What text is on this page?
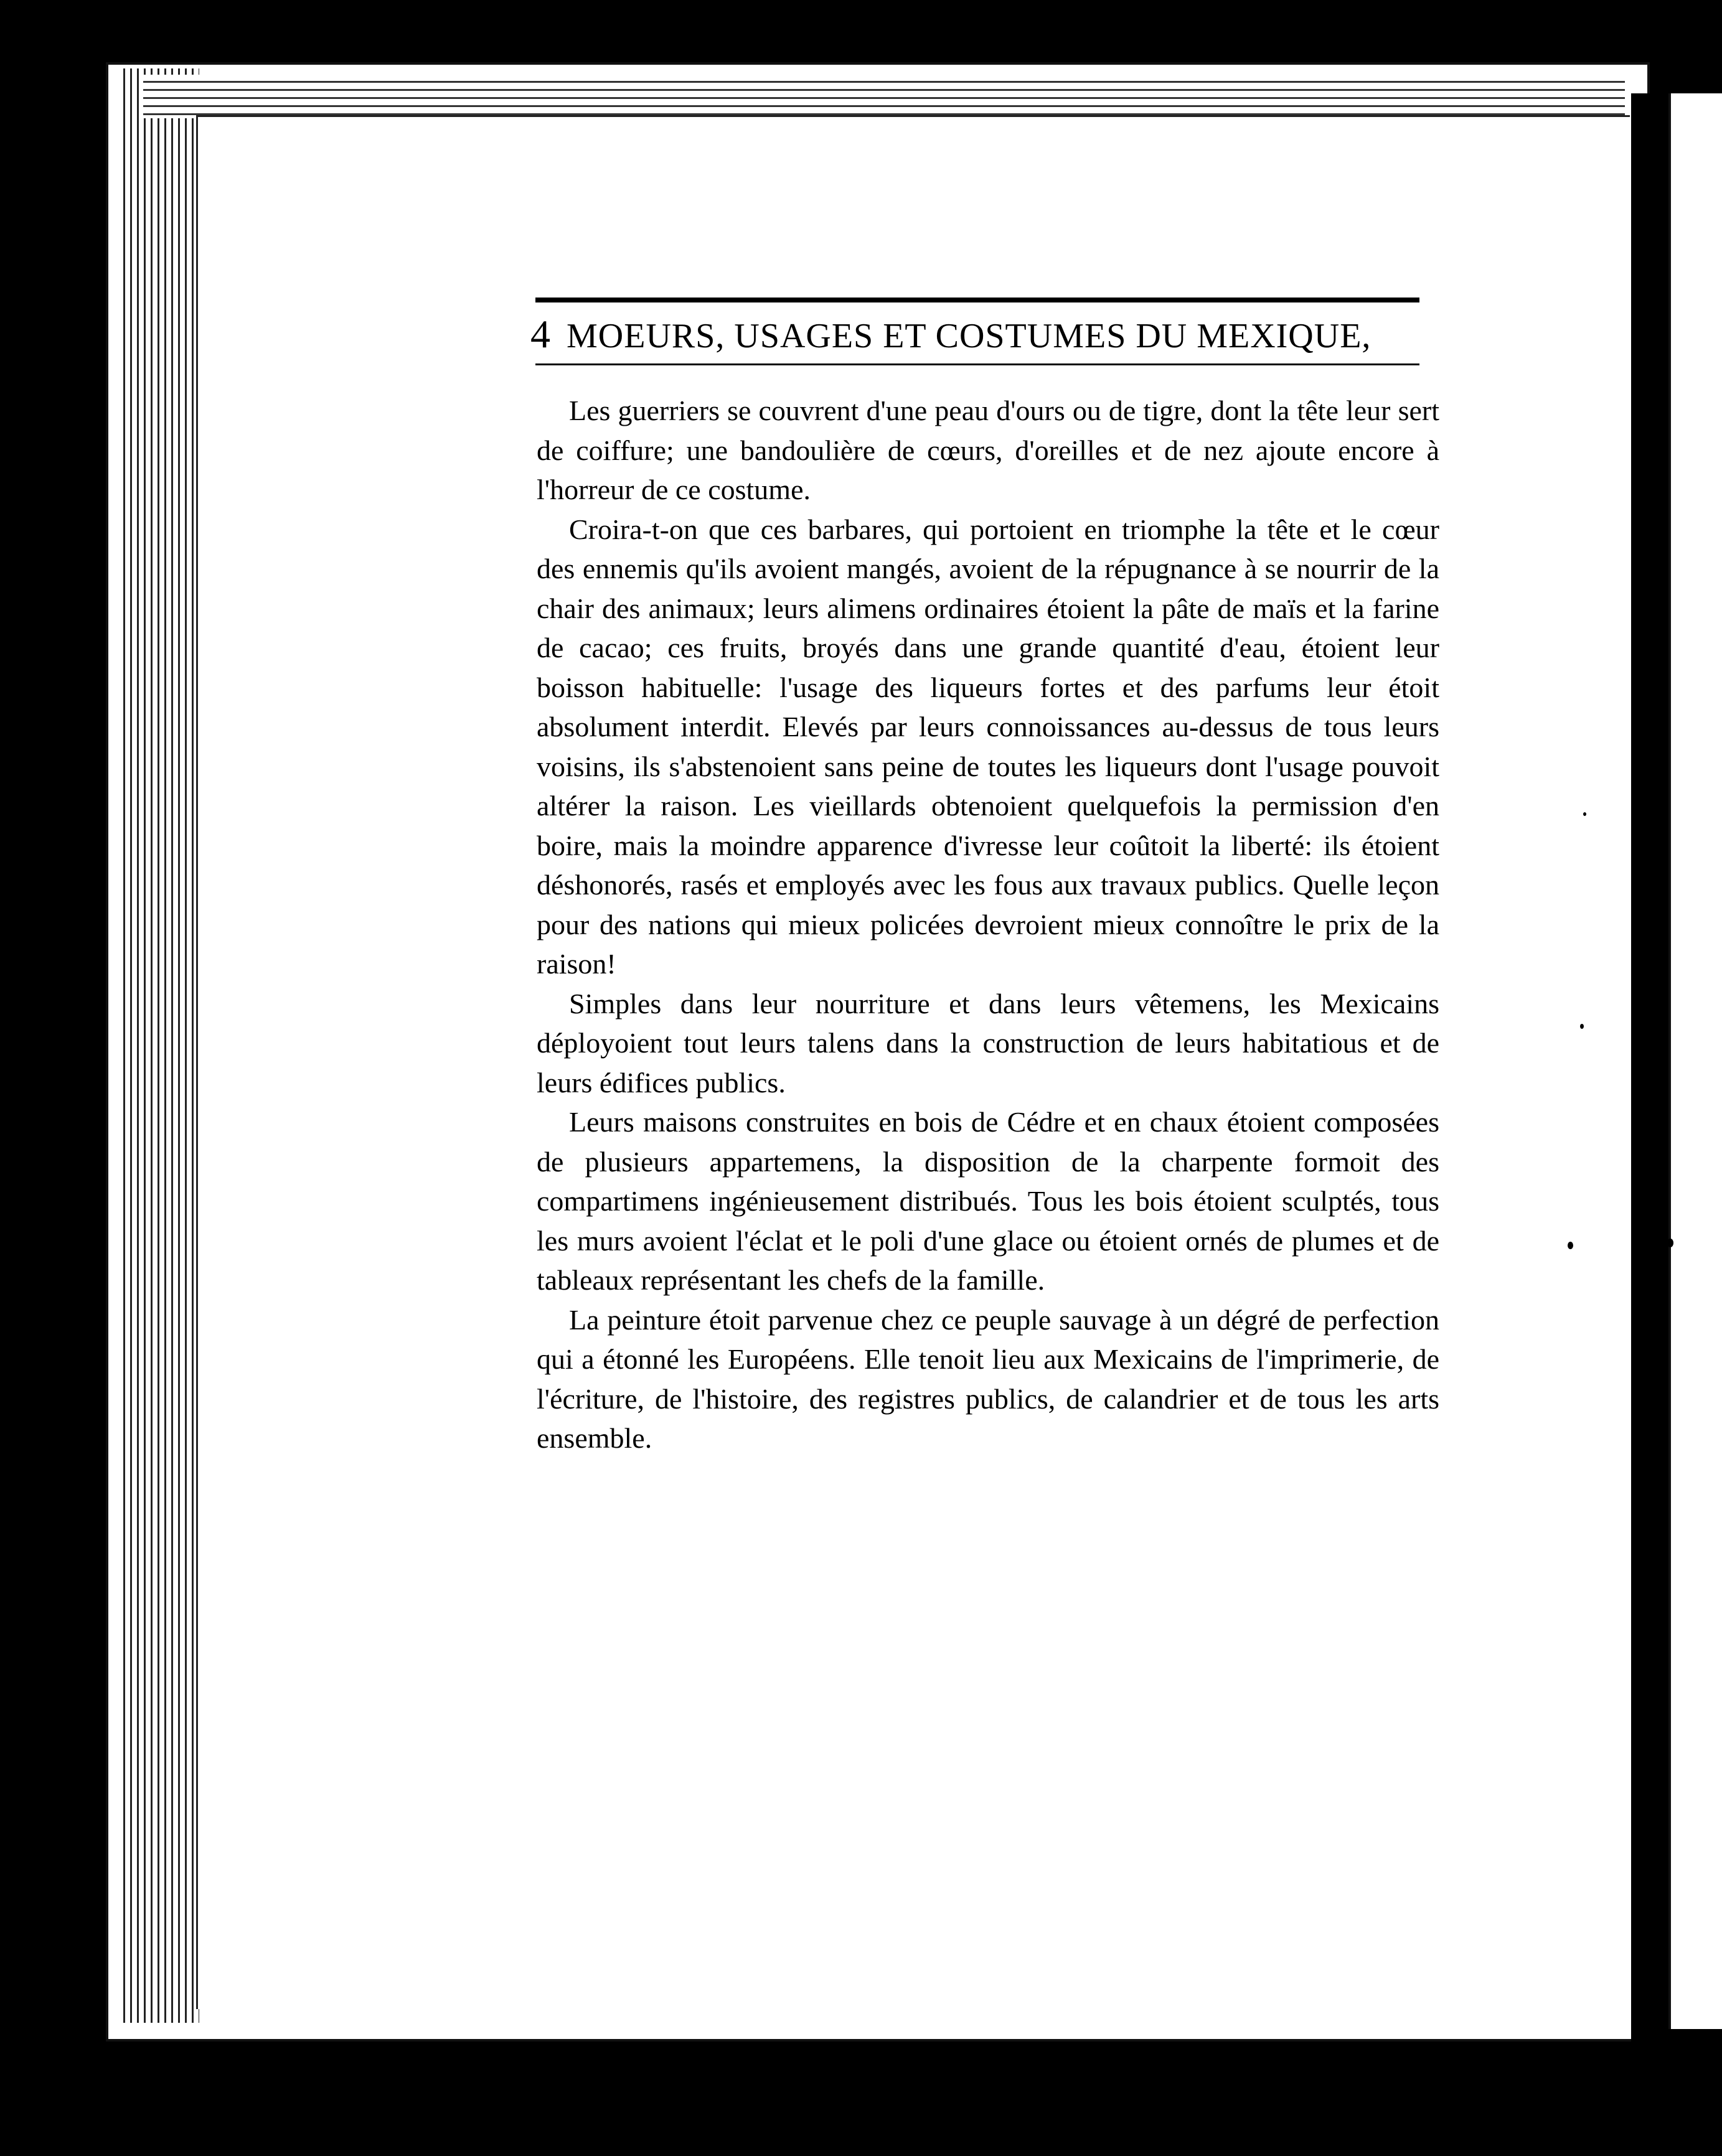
4 MOEURS, USAGES ET COSTUMES DU MEXIQUE,

Les guerriers se couvrent d'une peau d'ours ou de tigre, dont la tête leur sert de coiffure; une bandoulière de cœurs, d'oreilles et de nez ajoute encore à l'horreur de ce costume.

Croira-t-on que ces barbares, qui portoient en triomphe la tête et le cœur des ennemis qu'ils avoient mangés, avoient de la répugnance à se nourrir de la chair des animaux; leurs alimens ordinaires étoient la pâte de maïs et la farine de cacao; ces fruits, broyés dans une grande quantité d'eau, étoient leur boisson habituelle: l'usage des liqueurs fortes et des parfums leur étoit absolument interdit. Elevés par leurs connoissances au-dessus de tous leurs voisins, ils s'abstenoient sans peine de toutes les liqueurs dont l'usage pouvoit altérer la raison. Les vieillards obtenoient quelquefois la permission d'en boire, mais la moindre apparence d'ivresse leur coûtoit la liberté: ils étoient déshonorés, rasés et employés avec les fous aux travaux publics. Quelle leçon pour des nations qui mieux policées devroient mieux connoître le prix de la raison!

Simples dans leur nourriture et dans leurs vêtemens, les Mexicains déployoient tout leurs talens dans la construction de leurs habitatious et de leurs édifices publics.

Leurs maisons construites en bois de Cédre et en chaux étoient composées de plusieurs appartemens, la disposition de la charpente formoit des compartimens ingénieusement distribués. Tous les bois étoient sculptés, tous les murs avoient l'éclat et le poli d'une glace ou étoient ornés de plumes et de tableaux représentant les chefs de la famille.

La peinture étoit parvenue chez ce peuple sauvage à un dégré de perfection qui a étonné les Européens. Elle tenoit lieu aux Mexicains de l'imprimerie, de l'écriture, de l'histoire, des registres publics, de calandrier et de tous les arts ensemble.
